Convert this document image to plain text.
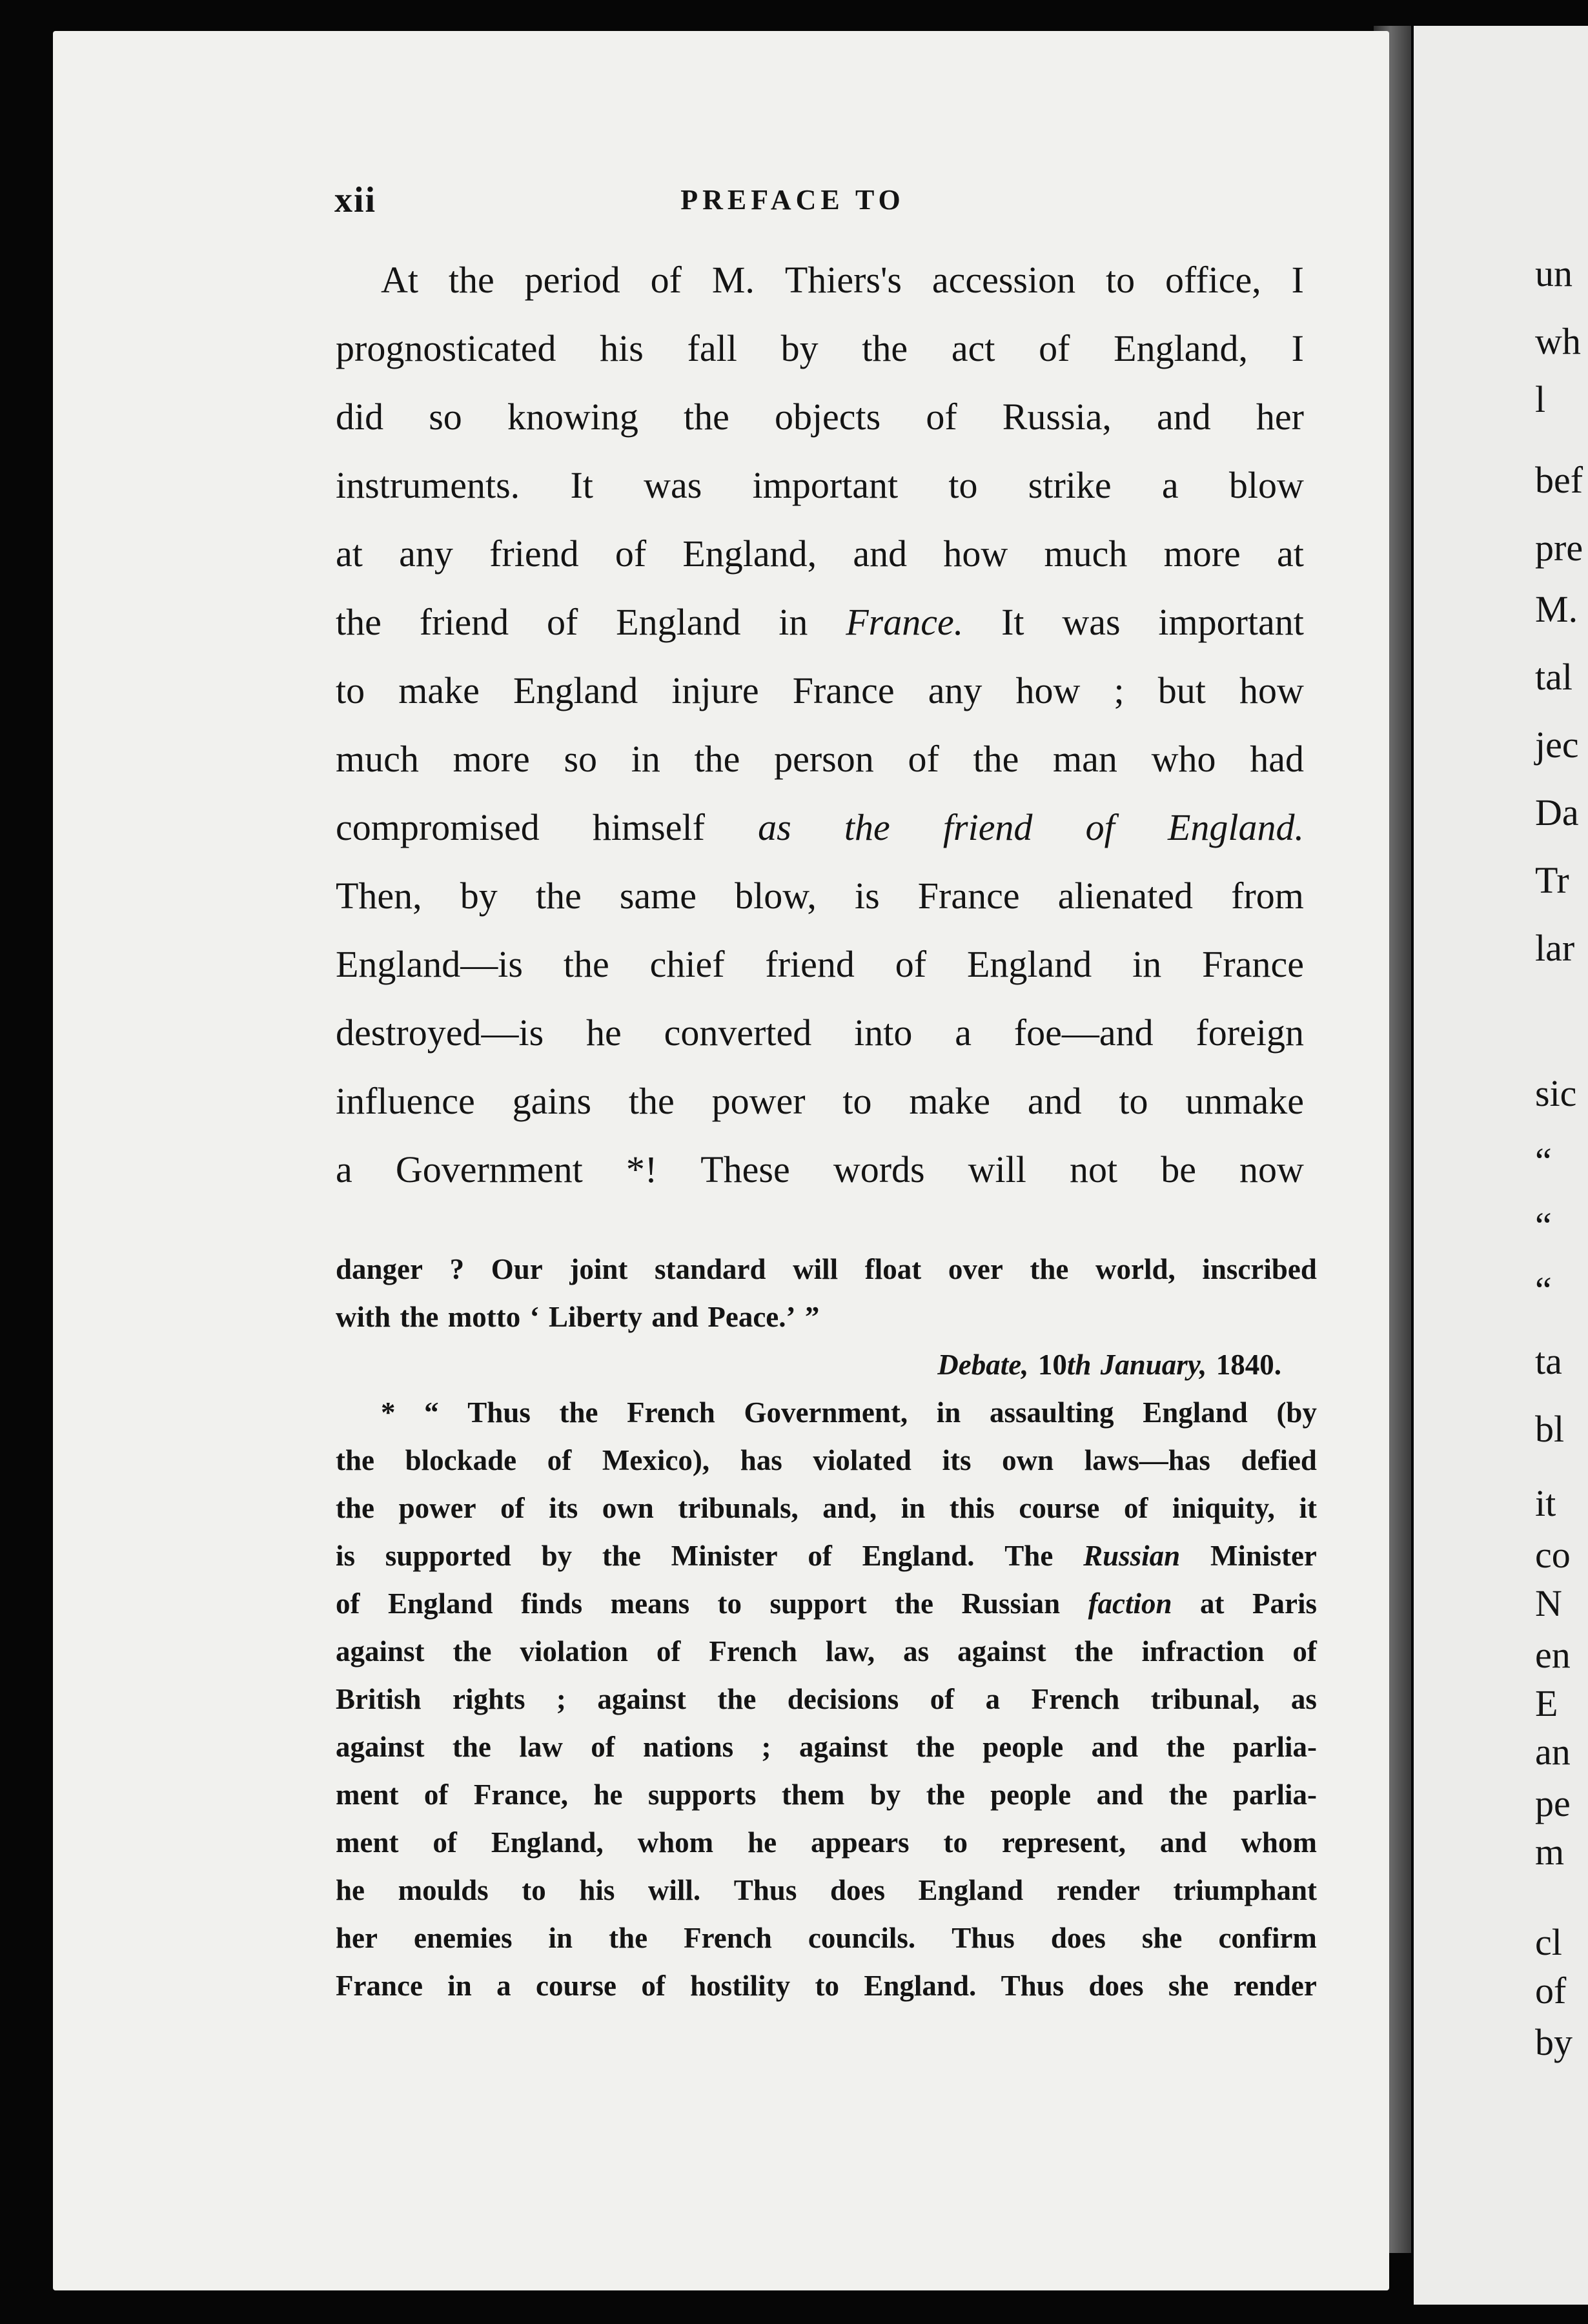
un
wh
l
bef
pre
M.
tal
jec
Da
Tr
lar
sic
“
“
“
ta
bl
it
co
N
en
E
an
pe
m
cl
of
by
xii	PREFACE TO
At the period of M. Thiers's accession to office, I
prognosticated his fall by the act of England, I
did so knowing the objects of Russia, and her
instruments. It was important to strike a blow
at any friend of England, and how much more at
the friend of England in France. It was important
to make England injure France any how ; but how
much more so in the person of the man who had
compromised himself as the friend of England.
Then, by the same blow, is France alienated from
England—is the chief friend of England in France
destroyed—is he converted into a foe—and foreign
influence gains the power to make and to unmake
a Government *! These words will not be now
danger ? Our joint standard will float over the world, inscribed
with the motto ‘ Liberty and Peace.’ ”
Debate, 10th January, 1840.
* “ Thus the French Government, in assaulting England (by
the blockade of Mexico), has violated its own laws—has defied
the power of its own tribunals, and, in this course of iniquity, it
is supported by the Minister of England. The Russian Minister
of England finds means to support the Russian faction at Paris
against the violation of French law, as against the infraction of
British rights ; against the decisions of a French tribunal, as
against the law of nations ; against the people and the parlia-
ment of France, he supports them by the people and the parlia-
ment of England, whom he appears to represent, and whom
he moulds to his will. Thus does England render triumphant
her enemies in the French councils. Thus does she confirm
France in a course of hostility to England. Thus does she render
